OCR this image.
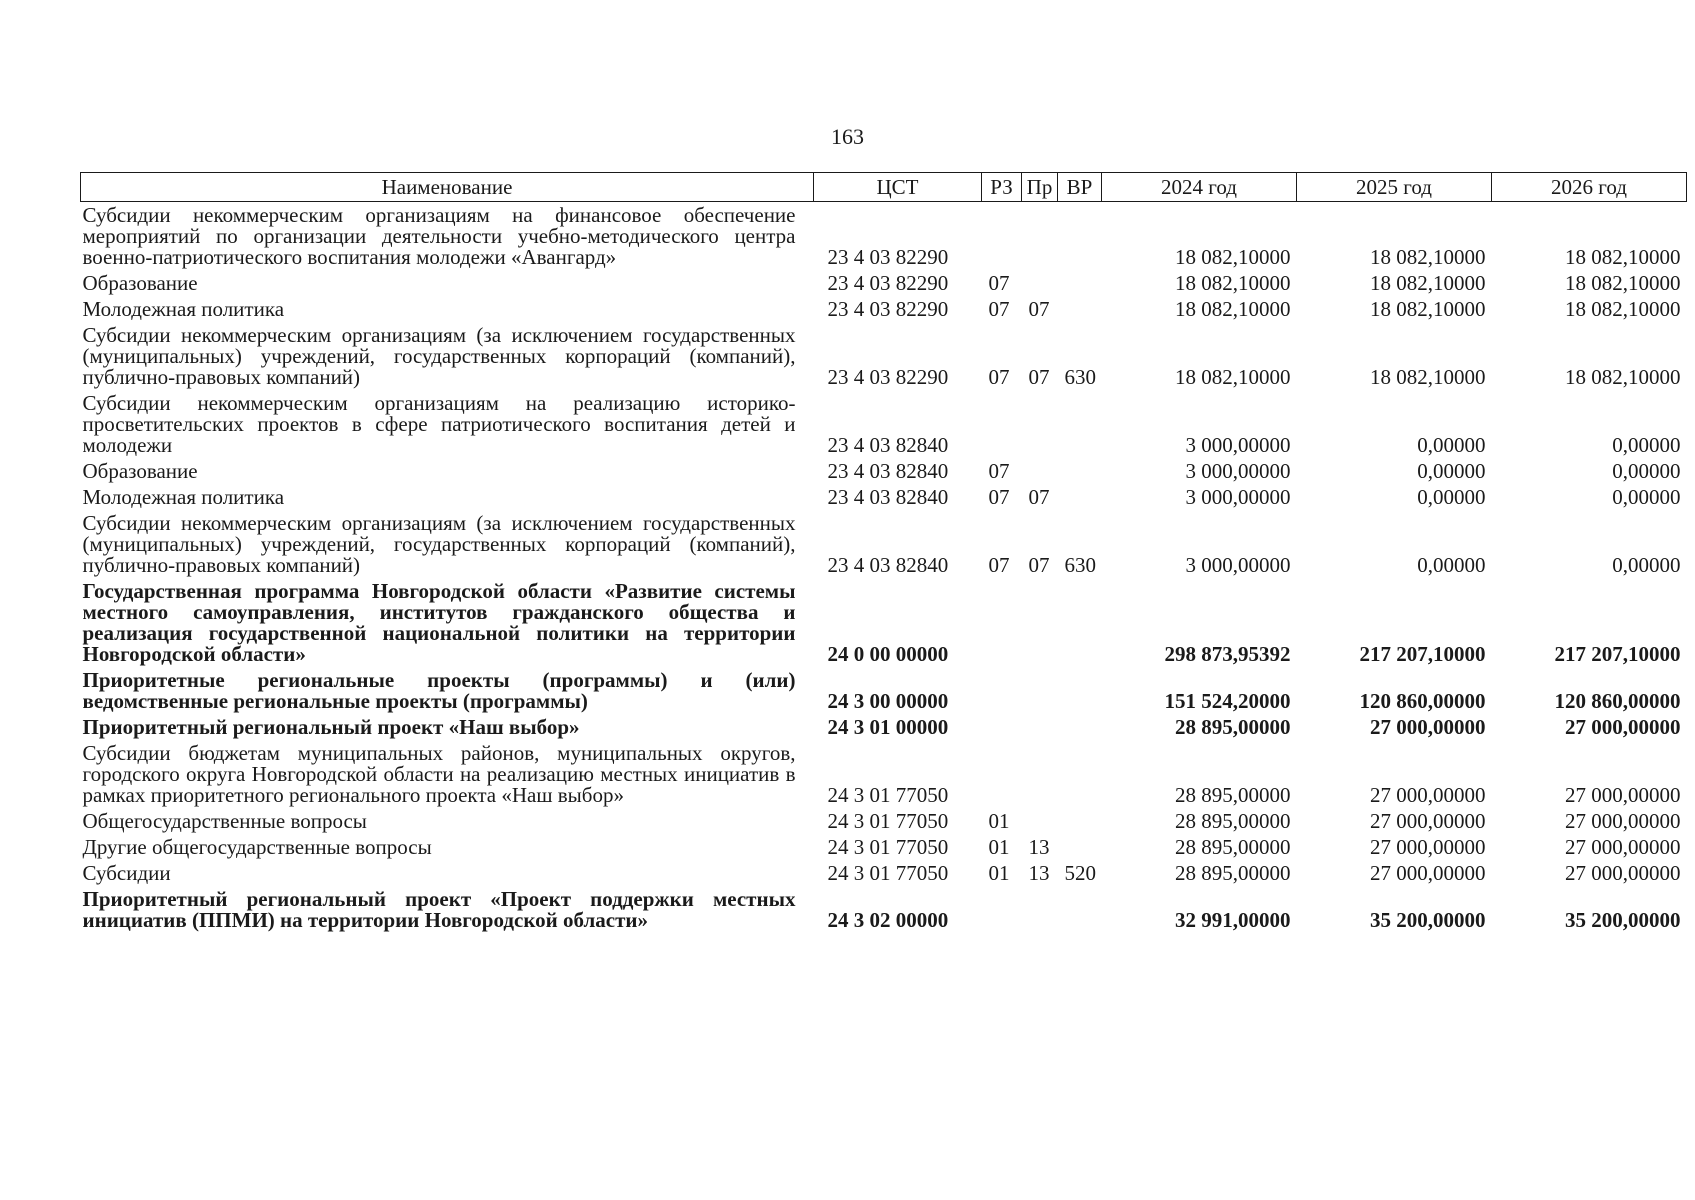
163
Наименование	ЦСТ	РЗ	Пр	ВР	2024 год	2025 год	2026 год
Субсидии некоммерческим организациям на финансовое обеспечение мероприятий по организации деятельности учебно-методического центра военно-патриотического воспитания молодежи «Авангард»	23 4 03 82290				18 082,10000	18 082,10000	18 082,10000
Образование	23 4 03 82290	07			18 082,10000	18 082,10000	18 082,10000
Молодежная политика	23 4 03 82290	07	07		18 082,10000	18 082,10000	18 082,10000
Субсидии некоммерческим организациям (за исключением государственных (муниципальных) учреждений, государственных корпораций (компаний), публично-правовых компаний)	23 4 03 82290	07	07	630	18 082,10000	18 082,10000	18 082,10000
Субсидии некоммерческим организациям на реализацию историко-просветительских проектов в сфере патриотического воспитания детей и молодежи	23 4 03 82840				3 000,00000	0,00000	0,00000
Образование	23 4 03 82840	07			3 000,00000	0,00000	0,00000
Молодежная политика	23 4 03 82840	07	07		3 000,00000	0,00000	0,00000
Субсидии некоммерческим организациям (за исключением государственных (муниципальных) учреждений, государственных корпораций (компаний), публично-правовых компаний)	23 4 03 82840	07	07	630	3 000,00000	0,00000	0,00000
Государственная программа Новгородской области «Развитие системы местного самоуправления, институтов гражданского общества и реализация государственной национальной политики на территории Новгородской области»	24 0 00 00000				298 873,95392	217 207,10000	217 207,10000
Приоритетные региональные проекты (программы) и (или) ведомственные региональные проекты (программы)	24 3 00 00000				151 524,20000	120 860,00000	120 860,00000
Приоритетный региональный проект «Наш выбор»	24 3 01 00000				28 895,00000	27 000,00000	27 000,00000
Субсидии бюджетам муниципальных районов, муниципальных округов, городского округа Новгородской области на реализацию местных инициатив в рамках приоритетного регионального проекта «Наш выбор»	24 3 01 77050				28 895,00000	27 000,00000	27 000,00000
Общегосударственные вопросы	24 3 01 77050	01			28 895,00000	27 000,00000	27 000,00000
Другие общегосударственные вопросы	24 3 01 77050	01	13		28 895,00000	27 000,00000	27 000,00000
Субсидии	24 3 01 77050	01	13	520	28 895,00000	27 000,00000	27 000,00000
Приоритетный региональный проект «Проект поддержки местных инициатив (ППМИ) на территории Новгородской области»	24 3 02 00000				32 991,00000	35 200,00000	35 200,00000
